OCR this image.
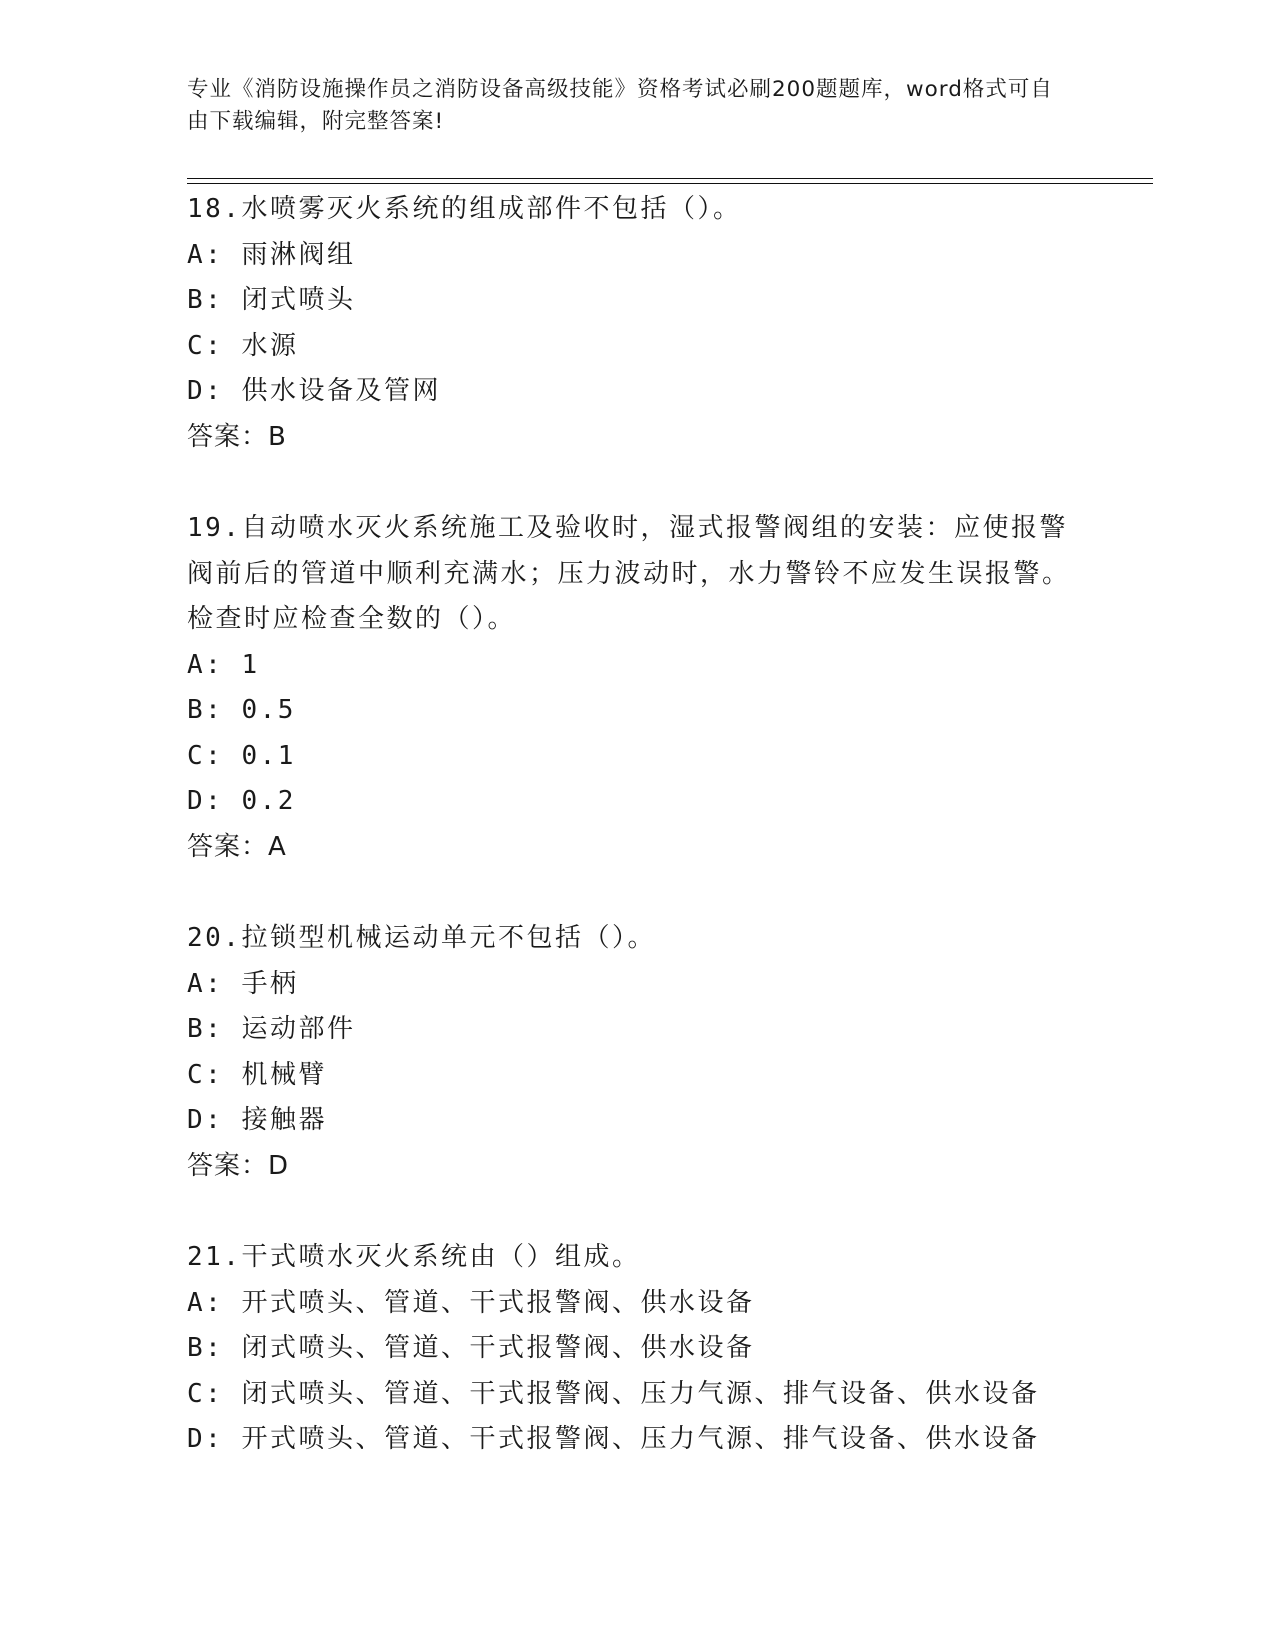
专业《消防设施操作员之消防设备高级技能》资格考试必刷200题题库，word格式可自由下载编辑，附完整答案!
18.水喷雾灭火系统的组成部件不包括（）。
A: 雨淋阀组
B: 闭式喷头
C: 水源
D: 供水设备及管网
答案：B
19.自动喷水灭火系统施工及验收时，湿式报警阀组的安装：应使报警阀前后的管道中顺利充满水；压力波动时，水力警铃不应发生误报警。检查时应检查全数的（）。
A: 1
B: 0.5
C: 0.1
D: 0.2
答案：A
20.拉锁型机械运动单元不包括（）。
A: 手柄
B: 运动部件
C: 机械臂
D: 接触器
答案：D
21.干式喷水灭火系统由（）组成。
A: 开式喷头、管道、干式报警阀、供水设备
B: 闭式喷头、管道、干式报警阀、供水设备
C: 闭式喷头、管道、干式报警阀、压力气源、排气设备、供水设备
D: 开式喷头、管道、干式报警阀、压力气源、排气设备、供水设备
